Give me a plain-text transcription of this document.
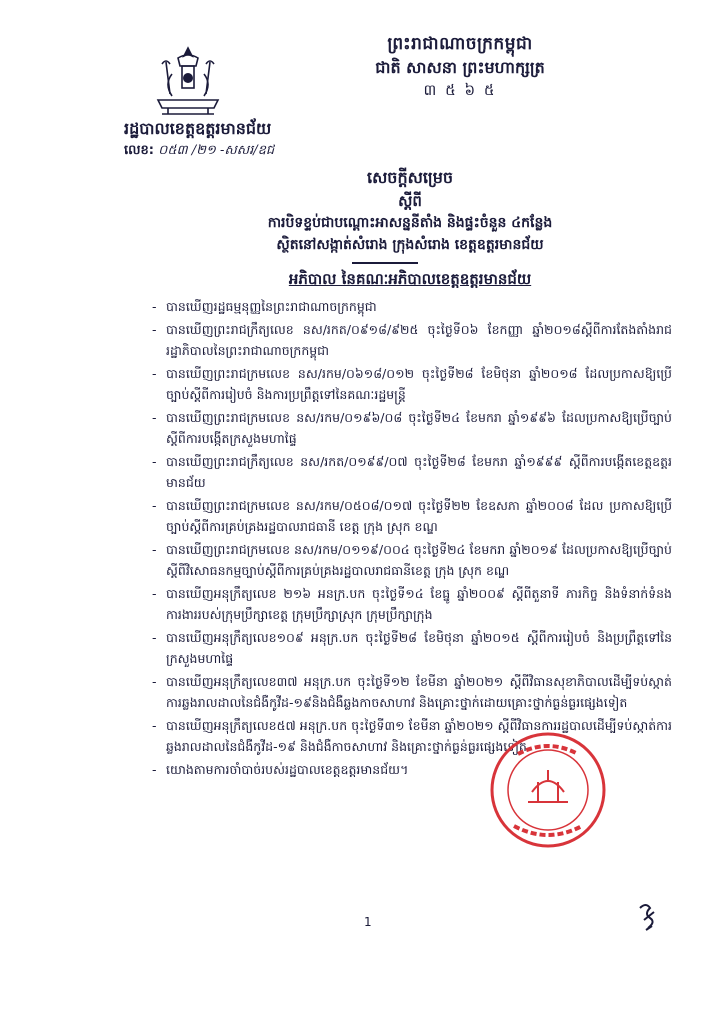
ព្រះរាជាណាចក្រកម្ពុជា
ជាតិ សាសនា ព្រះមហាក្សត្រ
៣ ៥ ៦ ៥
រដ្ឋបាលខេត្តឧត្តរមានជ័យ
លេខ: ០៥៣ /២១ -សសរ/ឧជ
សេចក្ដីសម្រេច
ស្ដីពី
ការបិទខ្ទប់ជាបណ្ដោះអាសន្ននីតាំង និងផ្ទះចំនួន ៤កន្លែង
ស្ថិតនៅសង្កាត់សំរោង ក្រុងសំរោង ខេត្តឧត្តរមានជ័យ
អភិបាល នៃគណៈអភិបាលខេត្តឧត្តរមានជ័យ
- បានឃើញរដ្ឋធម្មនុញ្ញនៃព្រះរាជាណាចក្រកម្ពុជា
- បានឃើញព្រះរាជក្រឹត្យលេខ នស/រកត/០៩១៨/៩២៥ ចុះថ្ងៃទី០៦ ខែកញ្ញា ឆ្នាំ២០១៨ស្ដីពីការតែងតាំងរាជរដ្ឋាភិបាលនៃព្រះរាជាណាចក្រកម្ពុជា
- បានឃើញព្រះរាជក្រមលេខ នស/រកម/០៦១៨/០១២ ចុះថ្ងៃទី២៨ ខែមិថុនា ឆ្នាំ២០១៨ ដែលប្រកាសឱ្យប្រើច្បាប់ស្ដីពីការរៀបចំ និងការប្រព្រឹត្តទៅនៃគណៈរដ្ឋមន្ត្រី
- បានឃើញព្រះរាជក្រមលេខ នស/រកម/០១៩៦/០៨ ចុះថ្ងៃទី២៤ ខែមករា ឆ្នាំ១៩៩៦ ដែលប្រកាសឱ្យប្រើច្បាប់ស្ដីពីការបង្កើតក្រសួងមហាផ្ទៃ
- បានឃើញព្រះរាជក្រឹត្យលេខ នស/រកត/០១៩៩/០៧ ចុះថ្ងៃទី២៨ ខែមករា ឆ្នាំ១៩៩៩ ស្ដីពីការបង្កើតខេត្តឧត្តរមានជ័យ
- បានឃើញព្រះរាជក្រមលេខ នស/រកម/០៥០៨/០១៧ ចុះថ្ងៃទី២២ ខែឧសភា ឆ្នាំ២០០៨ ដែល ប្រកាសឱ្យប្រើច្បាប់ស្ដីពីការគ្រប់គ្រងរដ្ឋបាលរាជធានី ខេត្ត ក្រុង ស្រុក ខណ្ឌ
- បានឃើញព្រះរាជក្រមលេខ នស/រកម/០១១៩/០០៤ ចុះថ្ងៃទី២៤ ខែមករា ឆ្នាំ២០១៩ ដែលប្រកាសឱ្យប្រើច្បាប់ស្ដីពីវិសោធនកម្មច្បាប់ស្ដីពីការគ្រប់គ្រងរដ្ឋបាលរាជធានីខេត្ត ក្រុង ស្រុក ខណ្ឌ
- បានឃើញអនុក្រឹត្យលេខ ២១៦ អនក្រ.បក ចុះថ្ងៃទី១៤ ខែធ្នូ ឆ្នាំ២០០៩ ស្ដីពីតួនាទី ភារកិច្ច និងទំនាក់ទំនងការងាររបស់ក្រុមប្រឹក្សាខេត្ត ក្រុមប្រឹក្សាស្រុក ក្រុមប្រឹក្សាក្រុង
- បានឃើញអនុក្រឹត្យលេខ១០៩ អនុក្រ.បក ចុះថ្ងៃទី២៨ ខែមិថុនា ឆ្នាំ២០១៥ ស្ដីពីការរៀបចំ និងប្រព្រឹត្តទៅនៃក្រសួងមហាផ្ទៃ
- បានឃើញអនុក្រឹត្យលេខ៣៧ អនុក្រ.បក ចុះថ្ងៃទី១២ ខែមីនា ឆ្នាំ២០២១ ស្ដីពីវិធានសុខាភិបាលដើម្បីទប់ស្កាត់ការឆ្លងរាលដាលនៃជំងឺកូវីដ-១៩និងជំងឺឆ្លងកាចសាហាវ និងគ្រោះថ្នាក់ដោយគ្រោះថ្នាក់ធ្ងន់ធ្ងរផ្សេងទៀត
- បានឃើញអនុក្រឹត្យលេខ៥៧ អនុក្រ.បក ចុះថ្ងៃទី៣១ ខែមីនា ឆ្នាំ២០២១ ស្ដីពីវិធានការរដ្ឋបាលដើម្បីទប់ស្កាត់ការឆ្លងរាលដាលនៃជំងឺកូវីដ-១៩ និងជំងឺកាចសាហាវ និងគ្រោះថ្នាក់ធ្ងន់ធ្ងរផ្សេងទៀត
- យោងតាមការចាំបាច់របស់រដ្ឋបាលខេត្តឧត្តរមានជ័យ។
1
